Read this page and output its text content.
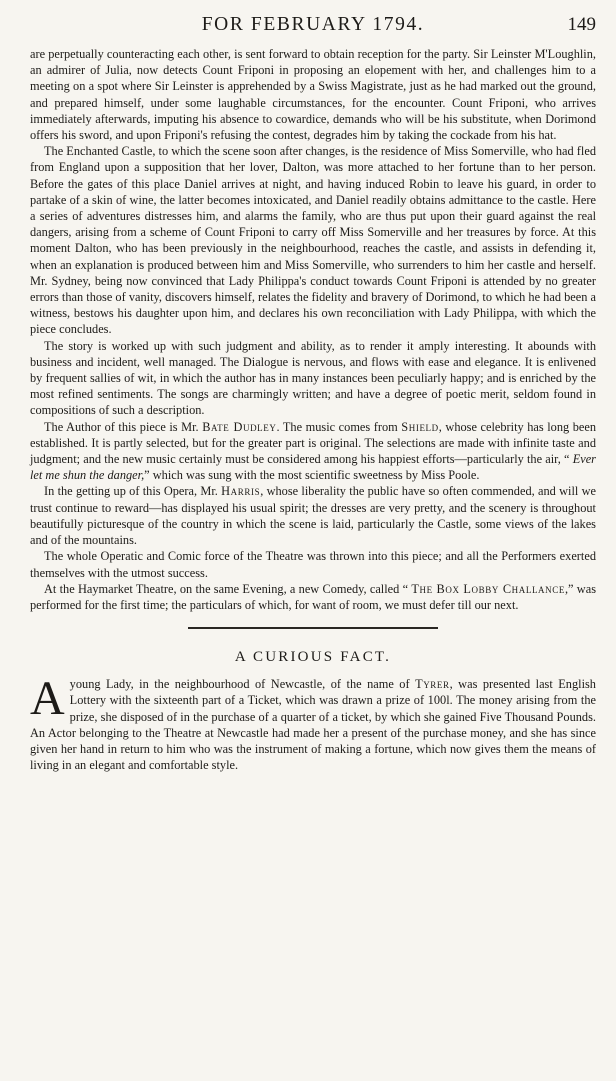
FOR FEBRUARY 1794.	149

are perpetually counteracting each other, is sent forward to obtain reception for the party. Sir Leinster M'Loughlin, an admirer of Julia, now detects Count Friponi in proposing an elopement with her, and challenges him to a meeting on a spot where Sir Leinster is apprehended by a Swiss Magistrate, just as he had marked out the ground, and prepared himself, under some laughable circumstances, for the encounter. Count Friponi, who arrives immediately afterwards, imputing his absence to cowardice, demands who will be his substitute, when Dorimond offers his sword, and upon Friponi's refusing the contest, degrades him by taking the cockade from his hat.

The Enchanted Castle, to which the scene soon after changes, is the residence of Miss Somerville, who had fled from England upon a supposition that her lover, Dalton, was more attached to her fortune than to her person. Before the gates of this place Daniel arrives at night, and having induced Robin to leave his guard, in order to partake of a skin of wine, the latter becomes intoxicated, and Daniel readily obtains admittance to the castle. Here a series of adventures distresses him, and alarms the family, who are thus put upon their guard against the real dangers, arising from a scheme of Count Friponi to carry off Miss Somerville and her treasures by force. At this moment Dalton, who has been previously in the neighbourhood, reaches the castle, and assists in defending it, when an explanation is produced between him and Miss Somerville, who surrenders to him her castle and herself. Mr. Sydney, being now convinced that Lady Philippa's conduct towards Count Friponi is attended by no greater errors than those of vanity, discovers himself, relates the fidelity and bravery of Dorimond, to which he had been a witness, bestows his daughter upon him, and declares his own reconciliation with Lady Philippa, with which the piece concludes.

The story is worked up with such judgment and ability, as to render it amply interesting. It abounds with business and incident, well managed. The Dialogue is nervous, and flows with ease and elegance. It is enlivened by frequent sallies of wit, in which the author has in many instances been peculiarly happy; and is enriched by the most refined sentiments. The songs are charmingly written; and have a degree of poetic merit, seldom found in compositions of such a description.

The Author of this piece is Mr. Bate Dudley. The music comes from Shield, whose celebrity has long been established. It is partly selected, but for the greater part is original. The selections are made with infinite taste and judgment; and the new music certainly must be considered among his happiest efforts—particularly the air, “ Ever let me shun the danger,” which was sung with the most scientific sweetness by Miss Poole.

In the getting up of this Opera, Mr. Harris, whose liberality the public have so often commended, and will we trust continue to reward—has displayed his usual spirit; the dresses are very pretty, and the scenery is throughout beautifully picturesque of the country in which the scene is laid, particularly the Castle, some views of the lakes and of the mountains.

The whole Operatic and Comic force of the Theatre was thrown into this piece; and all the Performers exerted themselves with the utmost success.

At the Haymarket Theatre, on the same Evening, a new Comedy, called “ The Box Lobby Challance,” was performed for the first time; the particulars of which, for want of room, we must defer till our next.

A CURIOUS FACT.
A young Lady, in the neighbourhood of Newcastle, of the name of Tyrer, was presented last English Lottery with the sixteenth part of a Ticket, which was drawn a prize of 100l. The money arising from the prize, she disposed of in the purchase of a quarter of a ticket, by which she gained Five Thousand Pounds. An Actor belonging to the Theatre at Newcastle had made her a present of the purchase money, and she has since given her hand in return to him who was the instrument of making a fortune, which now gives them the means of living in an elegant and comfortable style.
